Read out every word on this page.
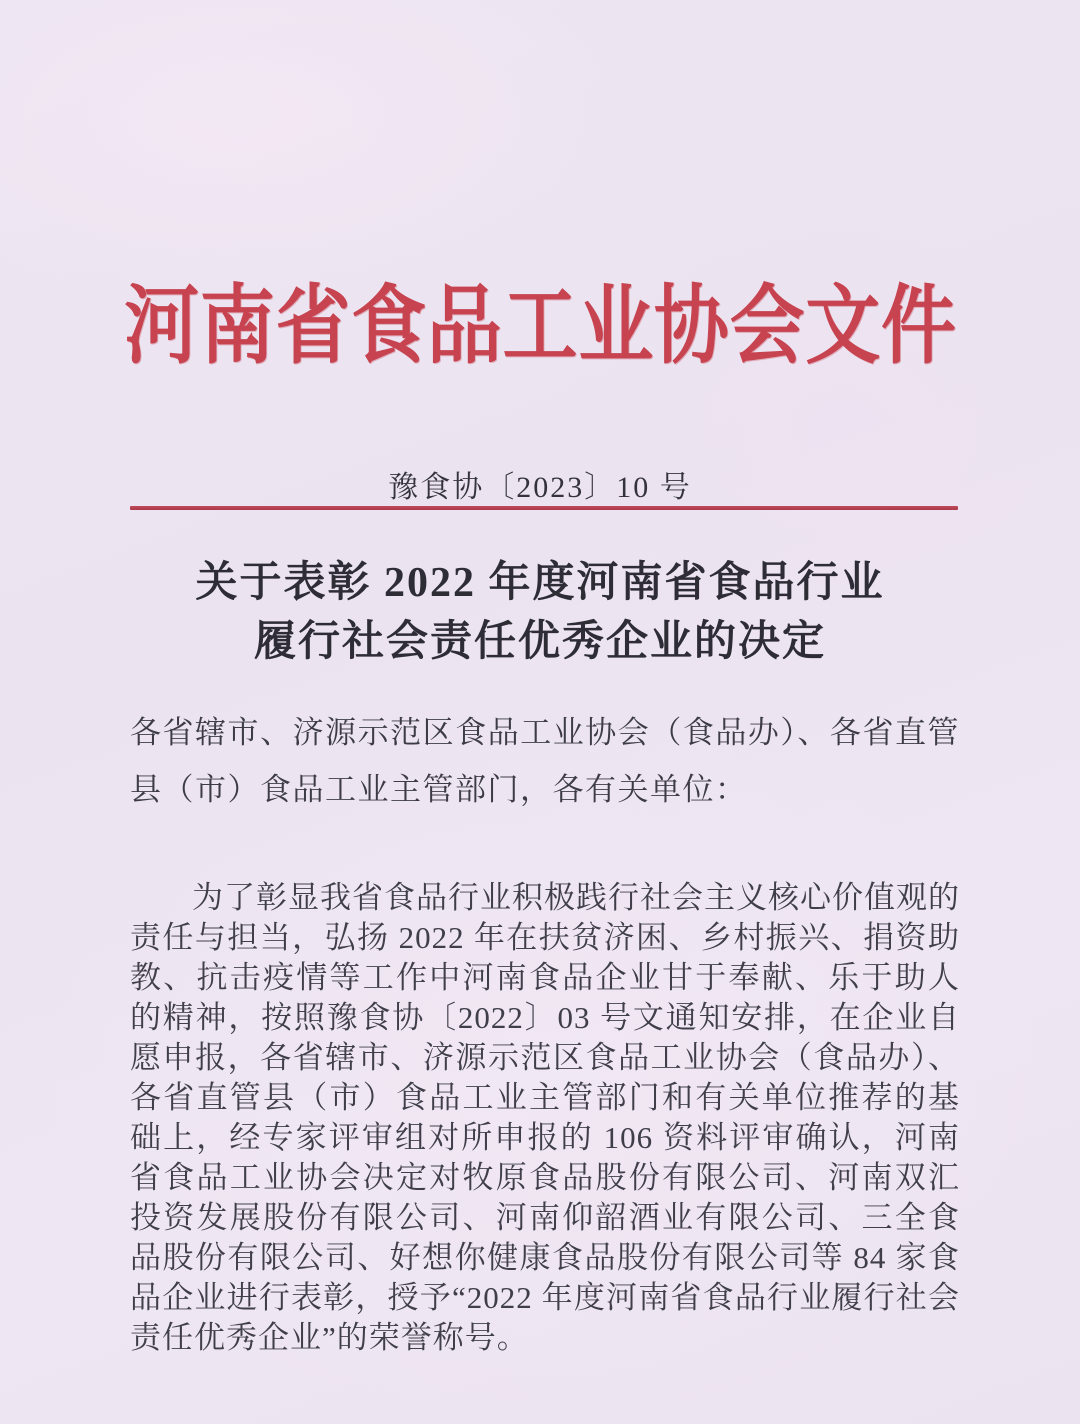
河南省食品工业协会文件
豫食协〔2023〕10 号
关于表彰 2022 年度河南省食品行业
履行社会责任优秀企业的决定
各省辖市、济源示范区食品工业协会（食品办）、各省直管县（市）食品工业主管部门，各有关单位：

为了彰显我省食品行业积极践行社会主义核心价值观的责任与担当，弘扬 2022 年在扶贫济困、乡村振兴、捐资助教、抗击疫情等工作中河南食品企业甘于奉献、乐于助人的精神，按照豫食协〔2022〕03 号文通知安排，在企业自愿申报，各省辖市、济源示范区食品工业协会（食品办）、各省直管县（市）食品工业主管部门和有关单位推荐的基础上，经专家评审组对所申报的 106 资料评审确认，河南省食品工业协会决定对牧原食品股份有限公司、河南双汇投资发展股份有限公司、河南仰韶酒业有限公司、三全食品股份有限公司、好想你健康食品股份有限公司等 84 家食品企业进行表彰，授予“2022 年度河南省食品行业履行社会责任优秀企业”的荣誉称号。
